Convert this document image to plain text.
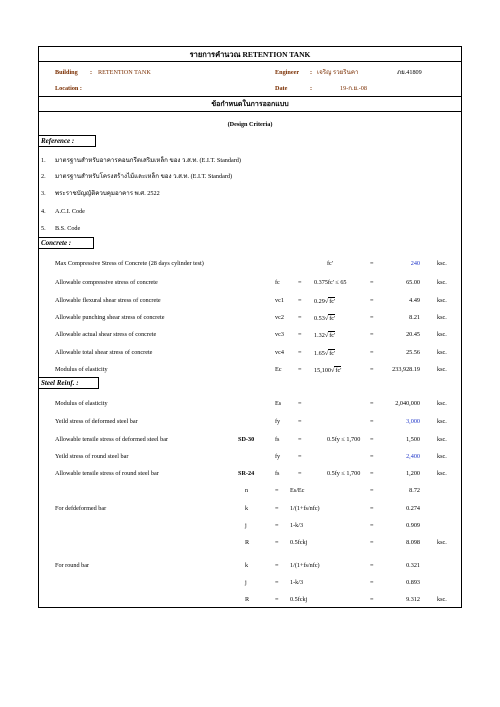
รายการคำนวณ RETENTION TANK
Building : RETENTION TANK	Engineer : เจริญ รวยรินคา	ภย.41809
Location :	Date	:	19-ก.ย.-08
ข้อกำหนดในการออกแบบ
(Design Criteria)
Reference :
1. มาตรฐานสำหรับอาคารคอนกรีตเสริมเหล็ก ของ ว.ส.ท. (E.I.T. Standard)
2. มาตรฐานสำหรับโครงสร้างไม้และเหล็ก ของ ว.ส.ท. (E.I.T. Standard)
3. พระราชบัญญัติควบคุมอาคาร พ.ศ. 2522
4. A.C.I. Code
5. B.S. Code
Concrete :
Max Compressive Stress of Concrete (28 days cylinder test)	fc'	=	240	ksc.
Allowable compressive stress of concrete	fc	= 0.375fc' ≤ 65	=	65.00	ksc.
Allowable flexural shear stress of concrete	vc1 = 0.29√fc'	=	4.49	ksc.
Allowable punching shear stress of concrete	vc2 = 0.53√fc'	=	8.21	ksc.
Allowable actual shear stress of concrete	vc3 = 1.32√fc'	=	20.45	ksc.
Allowable total shear stress of concrete	vc4 = 1.65√fc'	=	25.56	ksc.
Modulus of elasticity	Ec	= 15,100√fc'	=	233,928.19	ksc.
Steel Reinf. :
Modulus of elasticity	Es	=	=	2,040,000	ksc.
Yeild stress of deformed steel bar	fy	=	=	3,000	ksc.
Allowable tensile stress of deformed steel bar	SD-30	fs	=	0.5fy ≤ 1,700 =	1,500	ksc.
Yeild stress of round steel bar	fy	=	=	2,400	ksc.
Allowable tensile stress of round steel bar	SR-24	fs	=	0.5fy ≤ 1,700 =	1,200	ksc.
n	= Es/Ec	=	8.72
For defdeformed bar	k	= 1/(1+fs/nfc)	=	0.274
j	= 1-k/3	=	0.909
R	= 0.5fckj	=	8.098	ksc.
For round bar	k	= 1/(1+fs/nfc)	=	0.321
j	= 1-k/3	=	0.893
R	= 0.5fckj	=	9.312	ksc.
